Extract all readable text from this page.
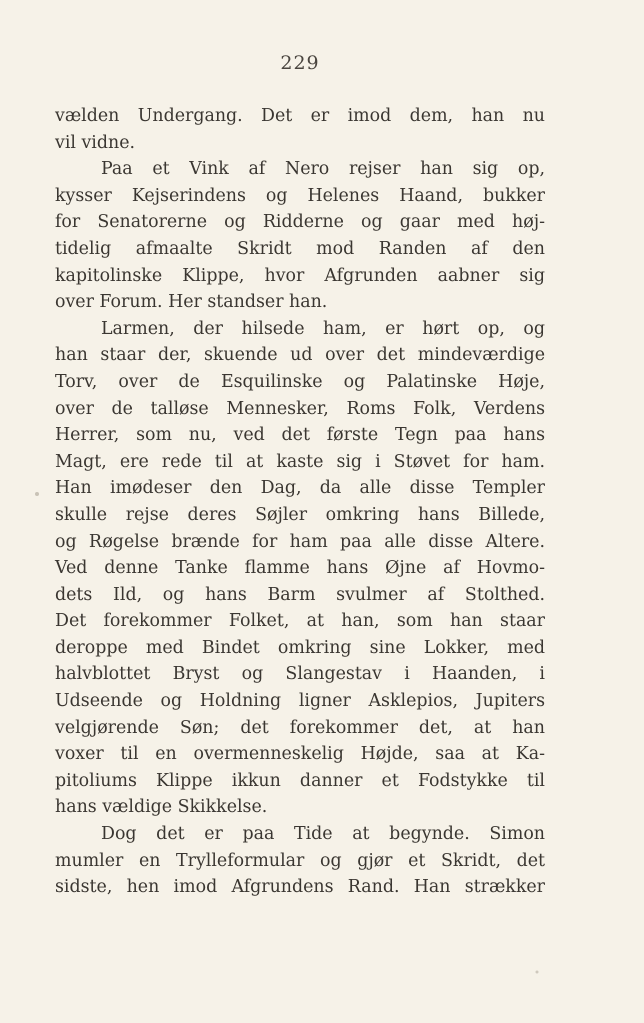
229
vælden Undergang. Det er imod dem, han nu
vil vidne.
Paa et Vink af Nero rejser han sig op,
kysser Kejserindens og Helenes Haand, bukker
for Senatorerne og Ridderne og gaar med høj-
tidelig afmaalte Skridt mod Randen af den
kapitolinske Klippe, hvor Afgrunden aabner sig
over Forum. Her standser han.
Larmen, der hilsede ham, er hørt op, og
han staar der, skuende ud over det mindeværdige
Torv, over de Esquilinske og Palatinske Høje,
over de talløse Mennesker, Roms Folk, Verdens
Herrer, som nu, ved det første Tegn paa hans
Magt, ere rede til at kaste sig i Støvet for ham.
Han imødeser den Dag, da alle disse Templer
skulle rejse deres Søjler omkring hans Billede,
og Røgelse brænde for ham paa alle disse Altere.
Ved denne Tanke flamme hans Øjne af Hovmo-
dets Ild, og hans Barm svulmer af Stolthed.
Det forekommer Folket, at han, som han staar
deroppe med Bindet omkring sine Lokker, med
halvblottet Bryst og Slangestav i Haanden, i
Udseende og Holdning ligner Asklepios, Jupiters
velgjørende Søn; det forekommer det, at han
voxer til en overmenneskelig Højde, saa at Ka-
pitoliums Klippe ikkun danner et Fodstykke til
hans vældige Skikkelse.
Dog det er paa Tide at begynde. Simon
mumler en Trylleformular og gjør et Skridt, det
sidste, hen imod Afgrundens Rand. Han strækker
